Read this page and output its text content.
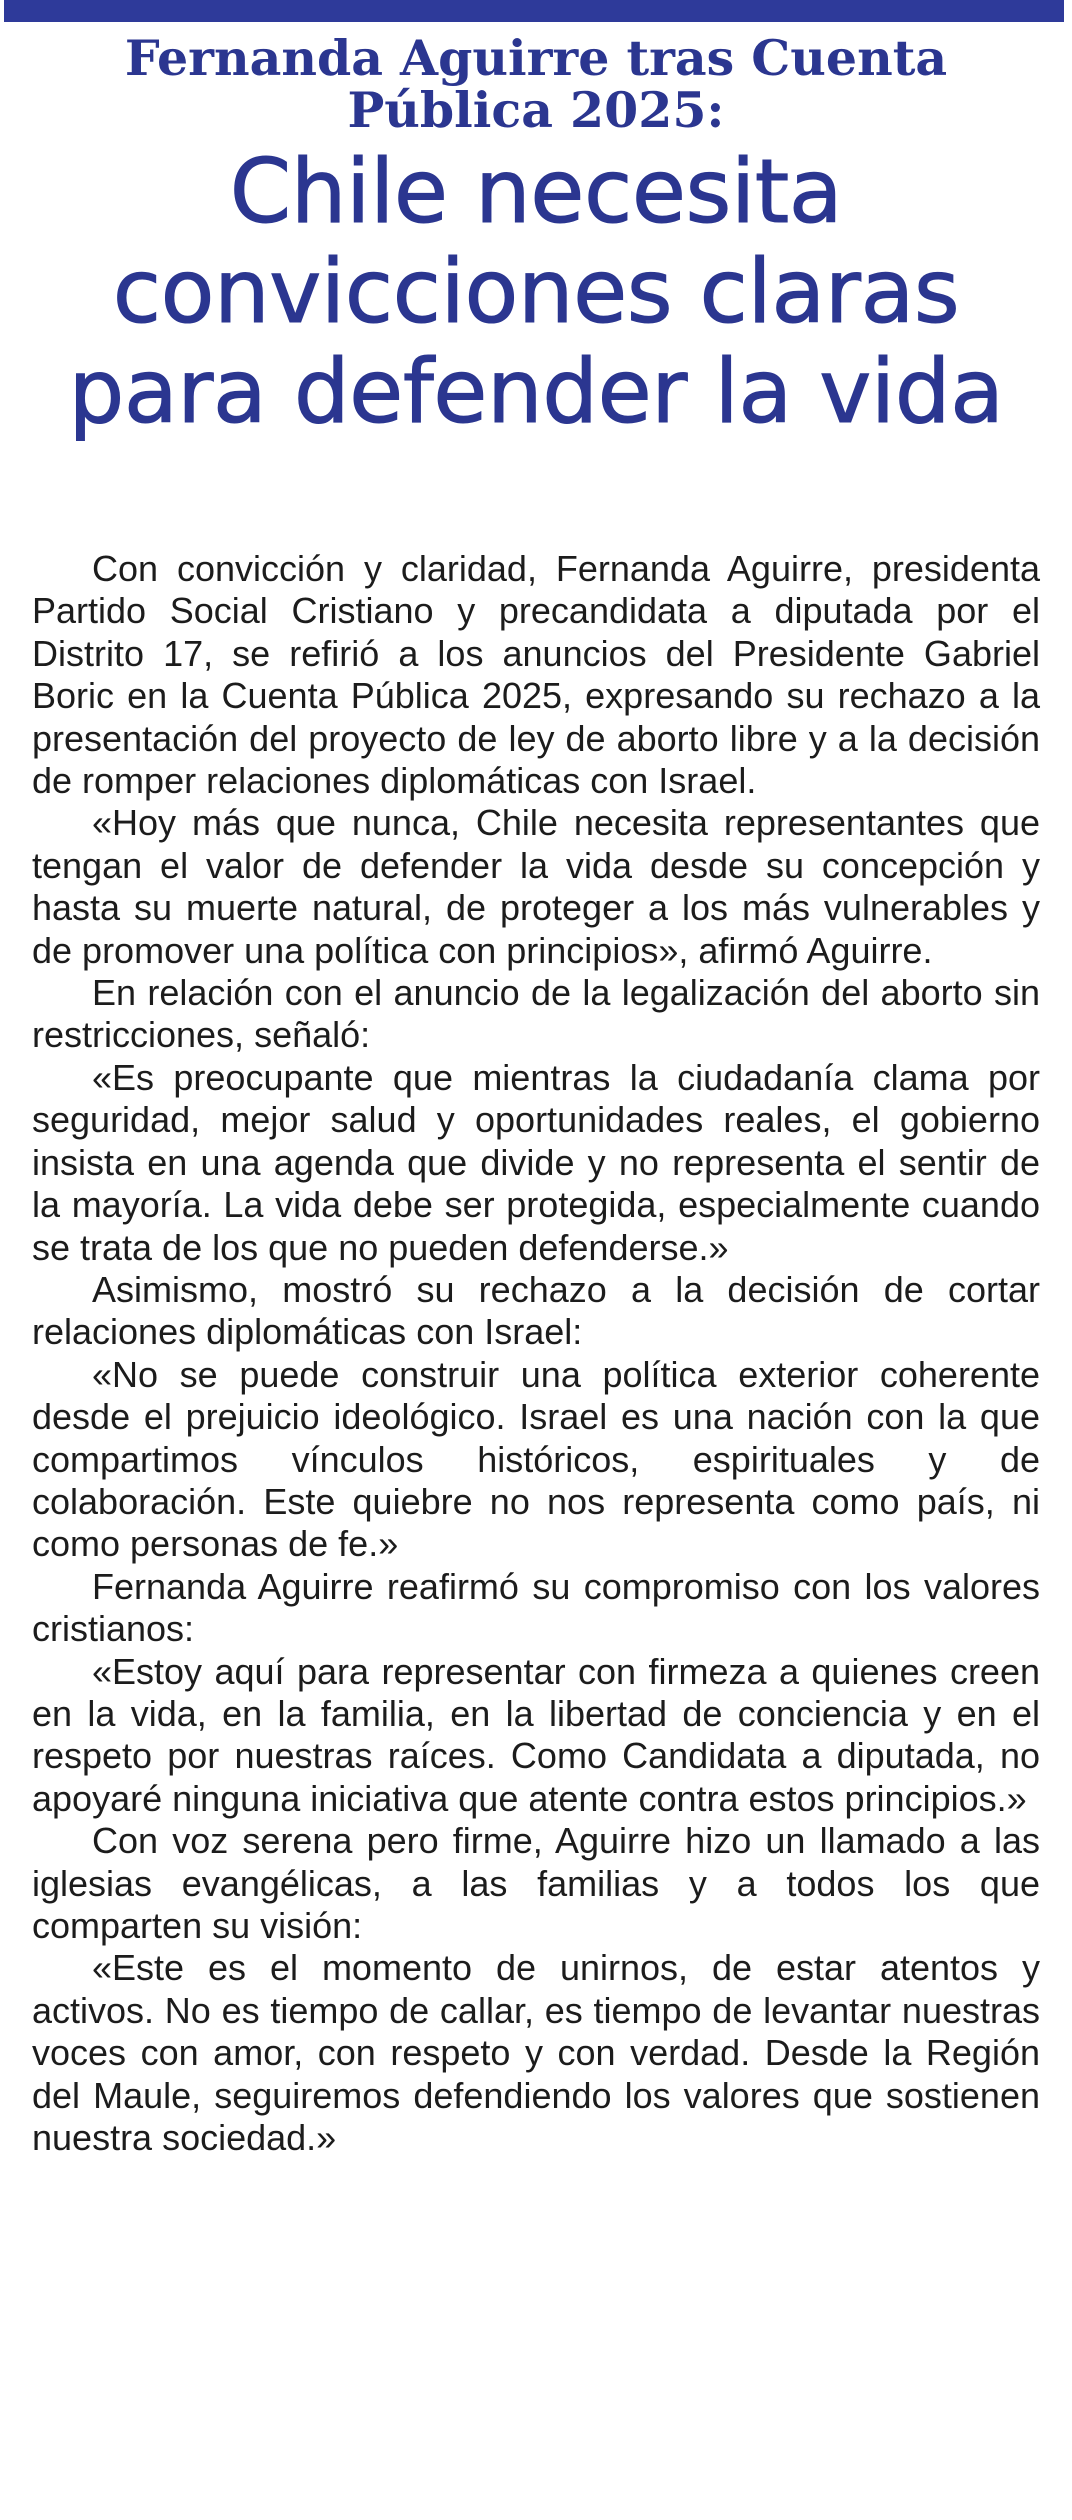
Fernanda Aguirre tras Cuenta Pública 2025:
Chile necesita convicciones claras para defender la vida

Con convicción y claridad, Fernanda Aguirre, presidenta Partido Social Cristiano y precandidata a diputada por el Distrito 17, se refirió a los anuncios del Presidente Gabriel Boric en la Cuenta Pública 2025, expresando su rechazo a la presentación del proyecto de ley de aborto libre y a la decisión de romper relaciones diplomáticas con Israel.

«Hoy más que nunca, Chile necesita representantes que tengan el valor de defender la vida desde su concepción y hasta su muerte natural, de proteger a los más vulnerables y de promover una política con principios», afirmó Aguirre.

En relación con el anuncio de la legalización del aborto sin restricciones, señaló:

«Es preocupante que mientras la ciudadanía clama por seguridad, mejor salud y oportunidades reales, el gobierno insista en una agenda que divide y no representa el sentir de la mayoría. La vida debe ser protegida, especialmente cuando se trata de los que no pueden defenderse.»

Asimismo, mostró su rechazo a la decisión de cortar relaciones diplomáticas con Israel:

«No se puede construir una política exterior coherente desde el prejuicio ideológico. Israel es una nación con la que compartimos vínculos históricos, espirituales y de colaboración. Este quiebre no nos representa como país, ni como personas de fe.»

Fernanda Aguirre reafirmó su compromiso con los valores cristianos:

«Estoy aquí para representar con firmeza a quienes creen en la vida, en la familia, en la libertad de conciencia y en el respeto por nuestras raíces. Como Candidata a diputada, no apoyaré ninguna iniciativa que atente contra estos principios.»

Con voz serena pero firme, Aguirre hizo un llamado a las iglesias evangélicas, a las familias y a todos los que comparten su visión:

«Este es el momento de unirnos, de estar atentos y activos. No es tiempo de callar, es tiempo de levantar nuestras voces con amor, con respeto y con verdad. Desde la Región del Maule, seguiremos defendiendo los valores que sostienen nuestra sociedad.»
